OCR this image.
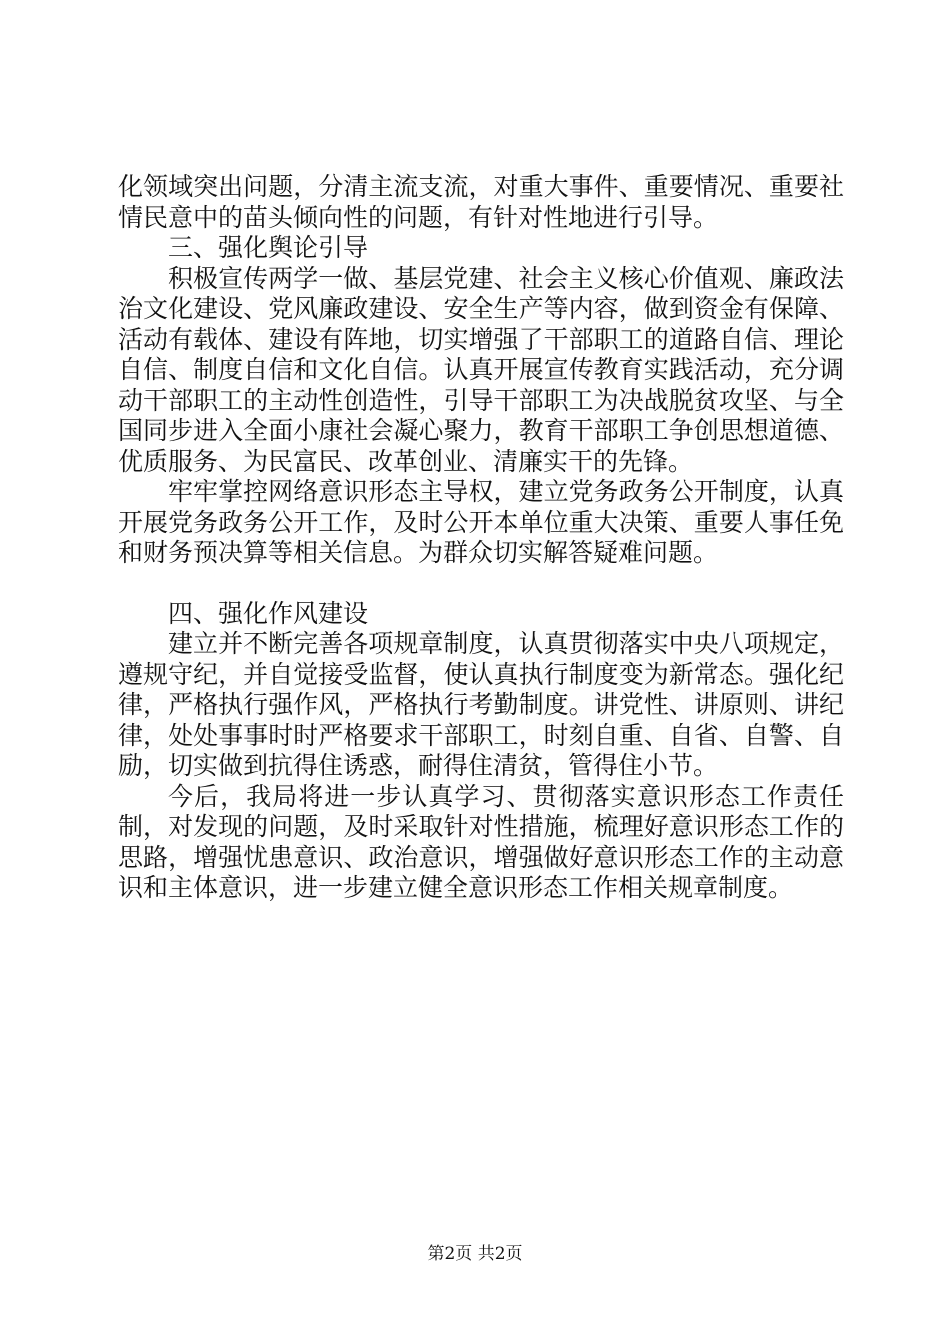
化领域突出问题，分清主流支流，对重大事件、重要情况、重要社情民意中的苗头倾向性的问题，有针对性地进行引导。

三、强化舆论引导

积极宣传两学一做、基层党建、社会主义核心价值观、廉政法治文化建设、党风廉政建设、安全生产等内容，做到资金有保障、活动有载体、建设有阵地，切实增强了干部职工的道路自信、理论自信、制度自信和文化自信。认真开展宣传教育实践活动，充分调动干部职工的主动性创造性，引导干部职工为决战脱贫攻坚、与全国同步进入全面小康社会凝心聚力，教育干部职工争创思想道德、优质服务、为民富民、改革创业、清廉实干的先锋。

牢牢掌控网络意识形态主导权，建立党务政务公开制度，认真开展党务政务公开工作，及时公开本单位重大决策、重要人事任免和财务预决算等相关信息。为群众切实解答疑难问题。

四、强化作风建设

建立并不断完善各项规章制度，认真贯彻落实中央八项规定，遵规守纪，并自觉接受监督，使认真执行制度变为新常态。强化纪律，严格执行强作风，严格执行考勤制度。讲党性、讲原则、讲纪律，处处事事时时严格要求干部职工，时刻自重、自省、自警、自励，切实做到抗得住诱惑，耐得住清贫，管得住小节。

今后，我局将进一步认真学习、贯彻落实意识形态工作责任制，对发现的问题，及时采取针对性措施，梳理好意识形态工作的思路，增强忧患意识、政治意识，增强做好意识形态工作的主动意识和主体意识，进一步建立健全意识形态工作相关规章制度。

第2页 共2页
